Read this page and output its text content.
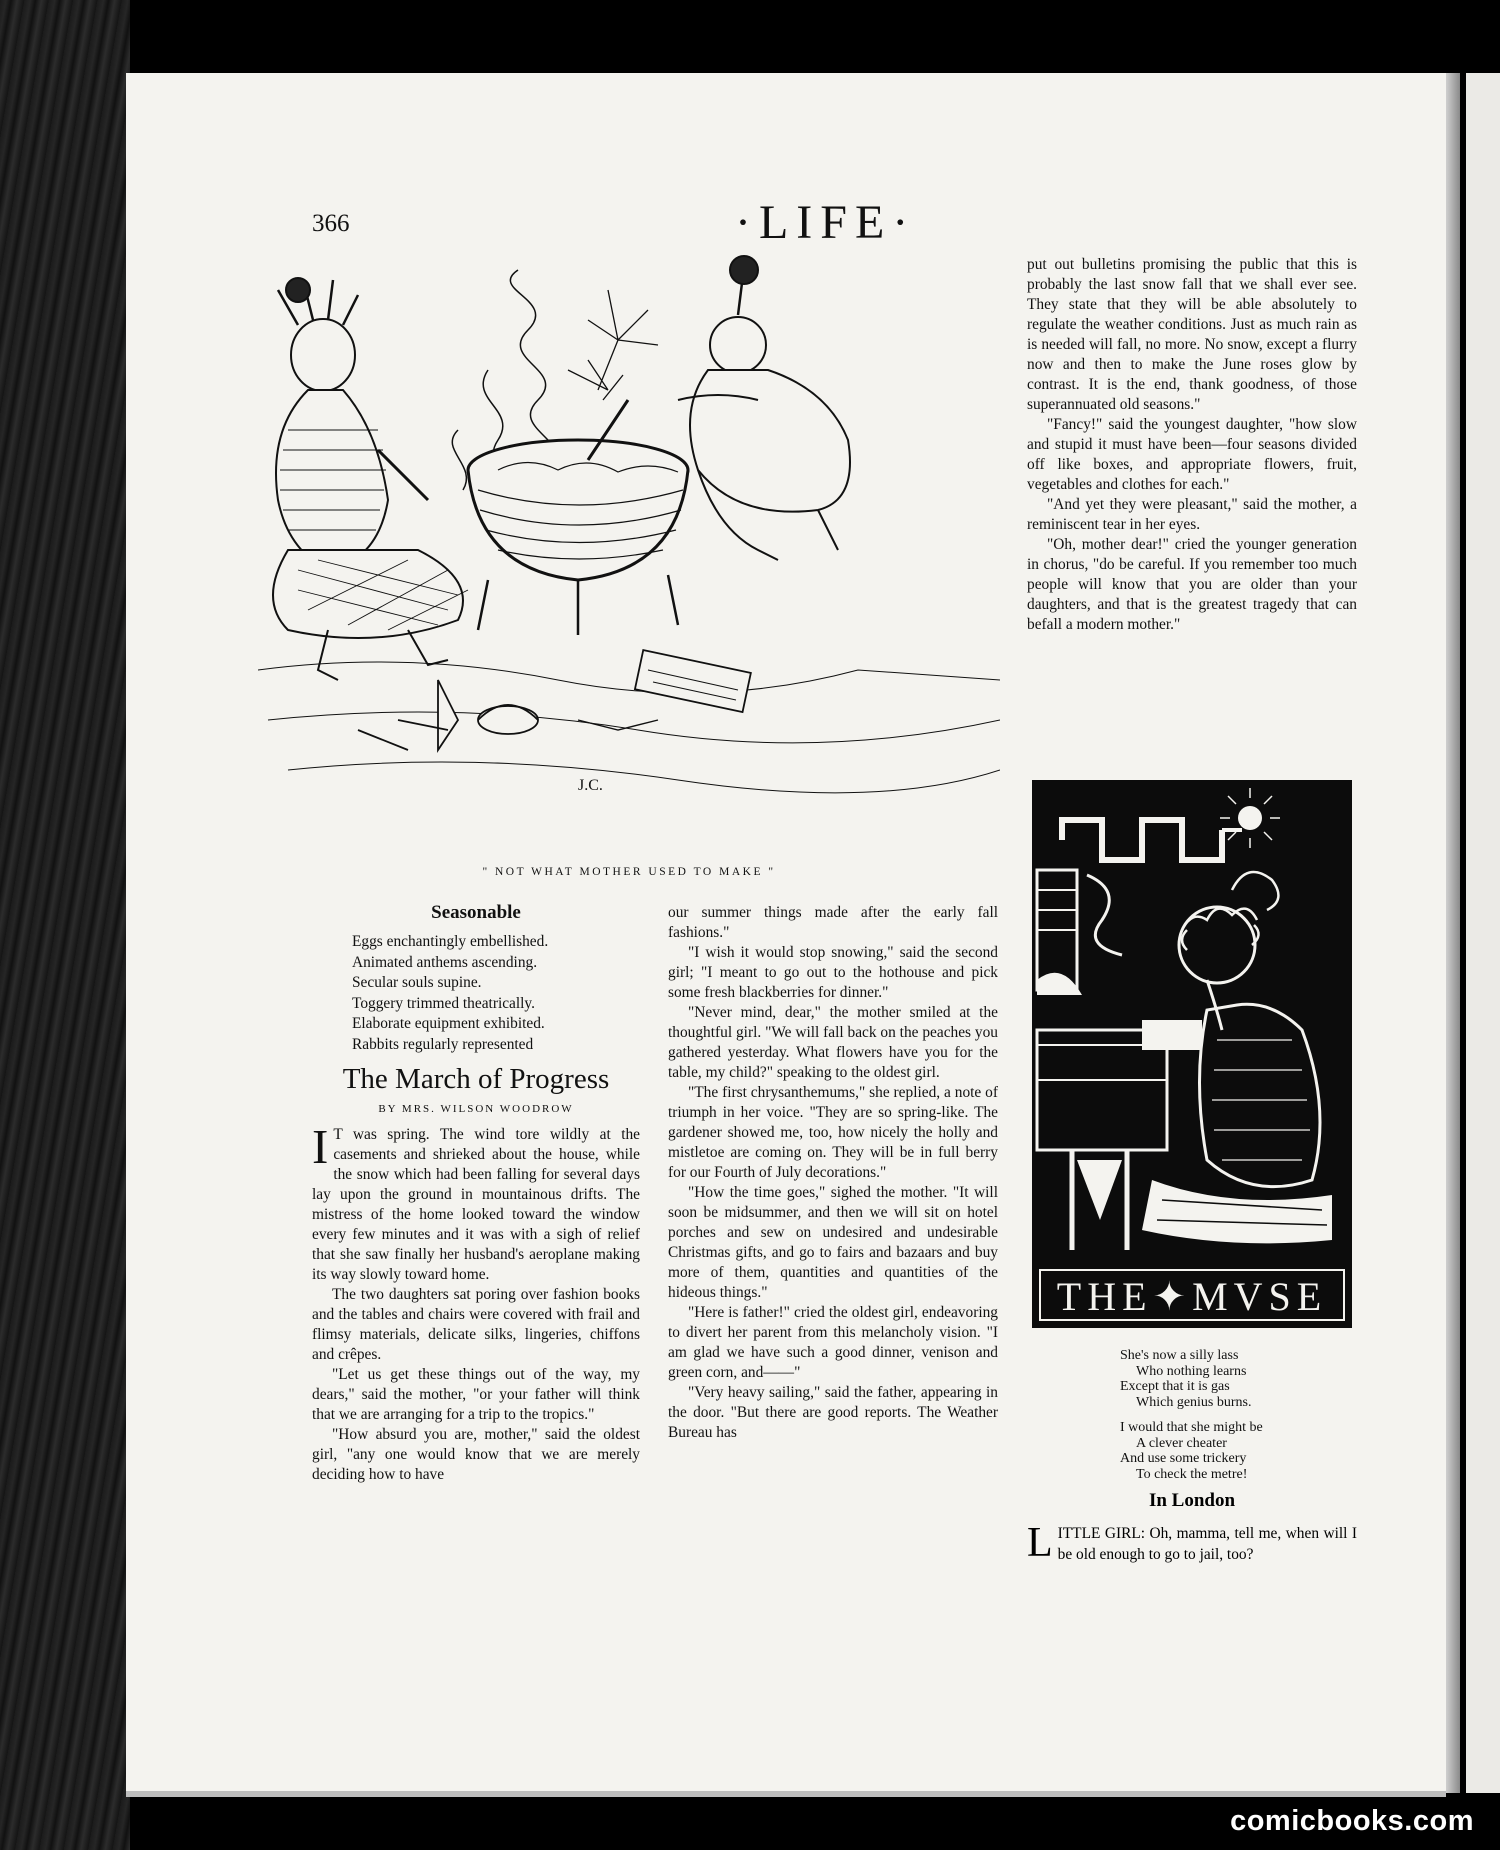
366	·LIFE·
J.C.
" NOT WHAT MOTHER USED TO MAKE "
Seasonable
Eggs enchantingly embellished.
Animated anthems ascending.
Secular souls supine.
Toggery trimmed theatrically.
Elaborate equipment exhibited.
Rabbits regularly represented
The March of Progress
BY MRS. WILSON WOODROW

I T was spring. The wind tore wildly at the casements and shrieked about the house, while the snow which had been falling for several days lay upon the ground in mountainous drifts. The mistress of the home looked toward the window every few minutes and it was with a sigh of relief that she saw finally her husband's aeroplane making its way slowly toward home.

The two daughters sat poring over fashion books and the tables and chairs were covered with frail and flimsy materials, delicate silks, lingeries, chiffons and crêpes.

"Let us get these things out of the way, my dears," said the mother, "or your father will think that we are arranging for a trip to the tropics."

"How absurd you are, mother," said the oldest girl, "any one would know that we are merely deciding how to have

our summer things made after the early fall fashions."

"I wish it would stop snowing," said the second girl; "I meant to go out to the hothouse and pick some fresh blackberries for dinner."

"Never mind, dear," the mother smiled at the thoughtful girl. "We will fall back on the peaches you gathered yesterday. What flowers have you for the table, my child?" speaking to the oldest girl.

"The first chrysanthemums," she replied, a note of triumph in her voice. "They are so spring-like. The gardener showed me, too, how nicely the holly and mistletoe are coming on. They will be in full berry for our Fourth of July decorations."

"How the time goes," sighed the mother. "It will soon be midsummer, and then we will sit on hotel porches and sew on undesired and undesirable Christmas gifts, and go to fairs and bazaars and buy more of them, quantities and quantities of the hideous things."

"Here is father!" cried the oldest girl, endeavoring to divert her parent from this melancholy vision. "I am glad we have such a good dinner, venison and green corn, and——"

"Very heavy sailing," said the father, appearing in the door. "But there are good reports. The Weather Bureau has

put out bulletins promising the public that this is probably the last snow fall that we shall ever see. They state that they will be able absolutely to regulate the weather conditions. Just as much rain as is needed will fall, no more. No snow, except a flurry now and then to make the June roses glow by contrast. It is the end, thank goodness, of those superannuated old seasons."

"Fancy!" said the youngest daughter, "how slow and stupid it must have been—four seasons divided off like boxes, and appropriate flowers, fruit, vegetables and clothes for each."

"And yet they were pleasant," said the mother, a reminiscent tear in her eyes.

"Oh, mother dear!" cried the younger generation in chorus, "do be careful. If you remember too much people will know that you are older than your daughters, and that is the greatest tragedy that can befall a modern mother."

THE✦MVSE
She's now a silly lass
Who nothing learns
Except that it is gas
Which genius burns.
I would that she might be
A clever cheater
And use some trickery
To check the metre!
In London
LITTLE GIRL: Oh, mamma, tell me, when will I be old enough to go to jail, too?
comicbooks.com
